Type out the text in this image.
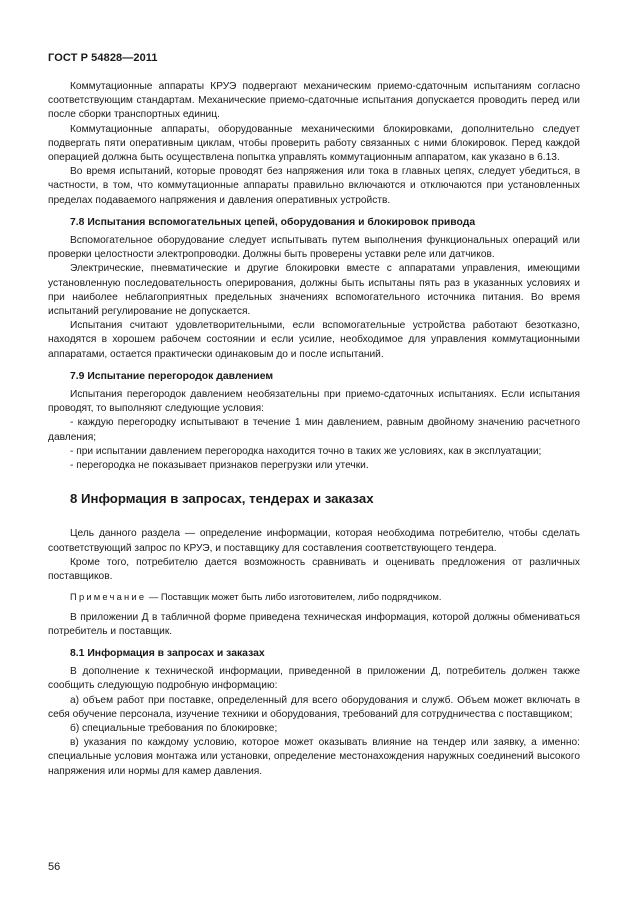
ГОСТ Р 54828—2011

Коммутационные аппараты КРУЭ подвергают механическим приемо-сдаточным испытаниям согласно соответствующим стандартам. Механические приемо-сдаточные испытания допускается проводить перед или после сборки транспортных единиц.

Коммутационные аппараты, оборудованные механическими блокировками, дополнительно следует подвергать пяти оперативным циклам, чтобы проверить работу связанных с ними блокировок. Перед каждой операцией должна быть осуществлена попытка управлять коммутационным аппаратом, как указано в 6.13.

Во время испытаний, которые проводят без напряжения или тока в главных цепях, следует убедиться, в частности, в том, что коммутационные аппараты правильно включаются и отключаются при установленных пределах подаваемого напряжения и давления оперативных устройств.

7.8 Испытания вспомогательных цепей, оборудования и блокировок привода

Вспомогательное оборудование следует испытывать путем выполнения функциональных операций или проверки целостности электропроводки. Должны быть проверены уставки реле или датчиков.

Электрические, пневматические и другие блокировки вместе с аппаратами управления, имеющими установленную последовательность оперирования, должны быть испытаны пять раз в указанных условиях и при наиболее неблагоприятных предельных значениях вспомогательного источника питания. Во время испытаний регулирование не допускается.

Испытания считают удовлетворительными, если вспомогательные устройства работают безотказно, находятся в хорошем рабочем состоянии и если усилие, необходимое для управления коммутационными аппаратами, остается практически одинаковым до и после испытаний.

7.9 Испытание перегородок давлением

Испытания перегородок давлением необязательны при приемо-сдаточных испытаниях. Если испытания проводят, то выполняют следующие условия:

- каждую перегородку испытывают в течение 1 мин давлением, равным двойному значению расчетного давления;

- при испытании давлением перегородка находится точно в таких же условиях, как в эксплуатации;

- перегородка не показывает признаков перегрузки или утечки.

8 Информация в запросах, тендерах и заказах

Цель данного раздела — определение информации, которая необходима потребителю, чтобы сделать соответствующий запрос по КРУЭ, и поставщику для составления соответствующего тендера.

Кроме того, потребителю дается возможность сравнивать и оценивать предложения от различных поставщиков.

Примечание — Поставщик может быть либо изготовителем, либо подрядчиком.

В приложении Д в табличной форме приведена техническая информация, которой должны обмениваться потребитель и поставщик.

8.1 Информация в запросах и заказах

В дополнение к технической информации, приведенной в приложении Д, потребитель должен также сообщить следующую подробную информацию:

а) объем работ при поставке, определенный для всего оборудования и служб. Объем может включать в себя обучение персонала, изучение техники и оборудования, требований для сотрудничества с поставщиком;

б) специальные требования по блокировке;

в) указания по каждому условию, которое может оказывать влияние на тендер или заявку, а именно: специальные условия монтажа или установки, определение местонахождения наружных соединений высокого напряжения или нормы для камер давления.

56
